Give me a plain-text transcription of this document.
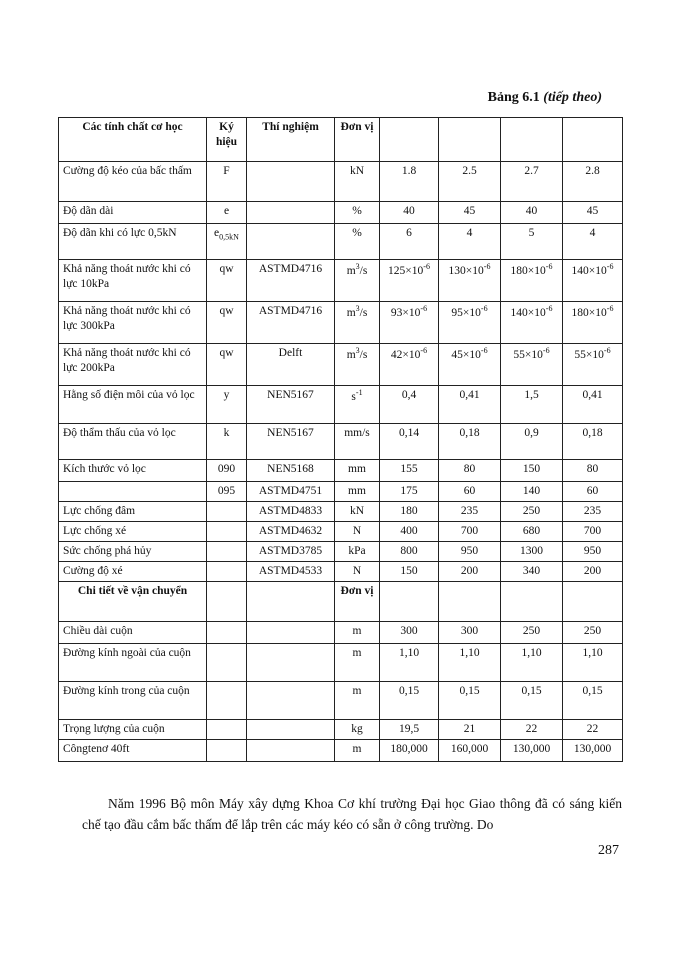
Bảng 6.1 (tiếp theo)
Các tính chất cơ học	Ký hiệu	Thí nghiệm	Đơn vị				
Cường độ kéo của bấc thấm	F		kN	1.8	2.5	2.7	2.8
Độ dãn dài	e		%	40	45	40	45
Độ dãn khi có lực 0,5kN	$e_{0,5kN}$		%	6	4	5	4
Khả năng thoát nước khi có lực 10kPa	qw	ASTMD4716	$m^3/s$	$125\times 10^{-6}$	$130\times 10^{-6}$	$180\times 10^{-6}$	$140\times 10^{-6}$
Khả năng thoát nước khi có lực 300kPa	qw	ASTMD4716	$m^3/s$	$93\times 10^{-6}$	$95\times 10^{-6}$	$140\times 10^{-6}$	$180\times 10^{-6}$
Khả năng thoát nước khi có lực 200kPa	qw	Delft	$m^3/s$	$42\times 10^{-6}$	$45\times 10^{-6}$	$55\times 10^{-6}$	$55\times 10^{-6}$
Hằng số điện môi của vỏ lọc	y	NEN5167	$s^{-1}$	0,4	0,41	1,5	0,41
Độ thẩm thấu của vỏ lọc	k	NEN5167	mm/s	0,14	0,18	0,9	0,18
Kích thước vỏ lọc	090	NEN5168	mm	155	80	150	80
	095	ASTMD4751	mm	175	60	140	60
Lực chống đâm		ASTMD4833	kN	180	235	250	235
Lực chống xé		ASTMD4632	N	400	700	680	700
Sức chống phá hủy		ASTMD3785	kPa	800	950	1300	950
Cường độ xé		ASTMD4533	N	150	200	340	200
Chi tiết về vận chuyển			Đơn vị				
Chiều dài cuộn			m	300	300	250	250
Đường kính ngoài của cuộn			m	1,10	1,10	1,10	1,10
Đường kính trong của cuộn			m	0,15	0,15	0,15	0,15
Trọng lượng của cuộn			kg	19,5	21	22	22
Côngtenơ 40ft			m	180,000	160,000	130,000	130,000
Năm 1996 Bộ môn Máy xây dựng Khoa Cơ khí trường Đại học Giao thông đã có sáng kiến chế tạo đầu cắm bấc thấm để lắp trên các máy kéo có sẵn ở công trường. Do
287
